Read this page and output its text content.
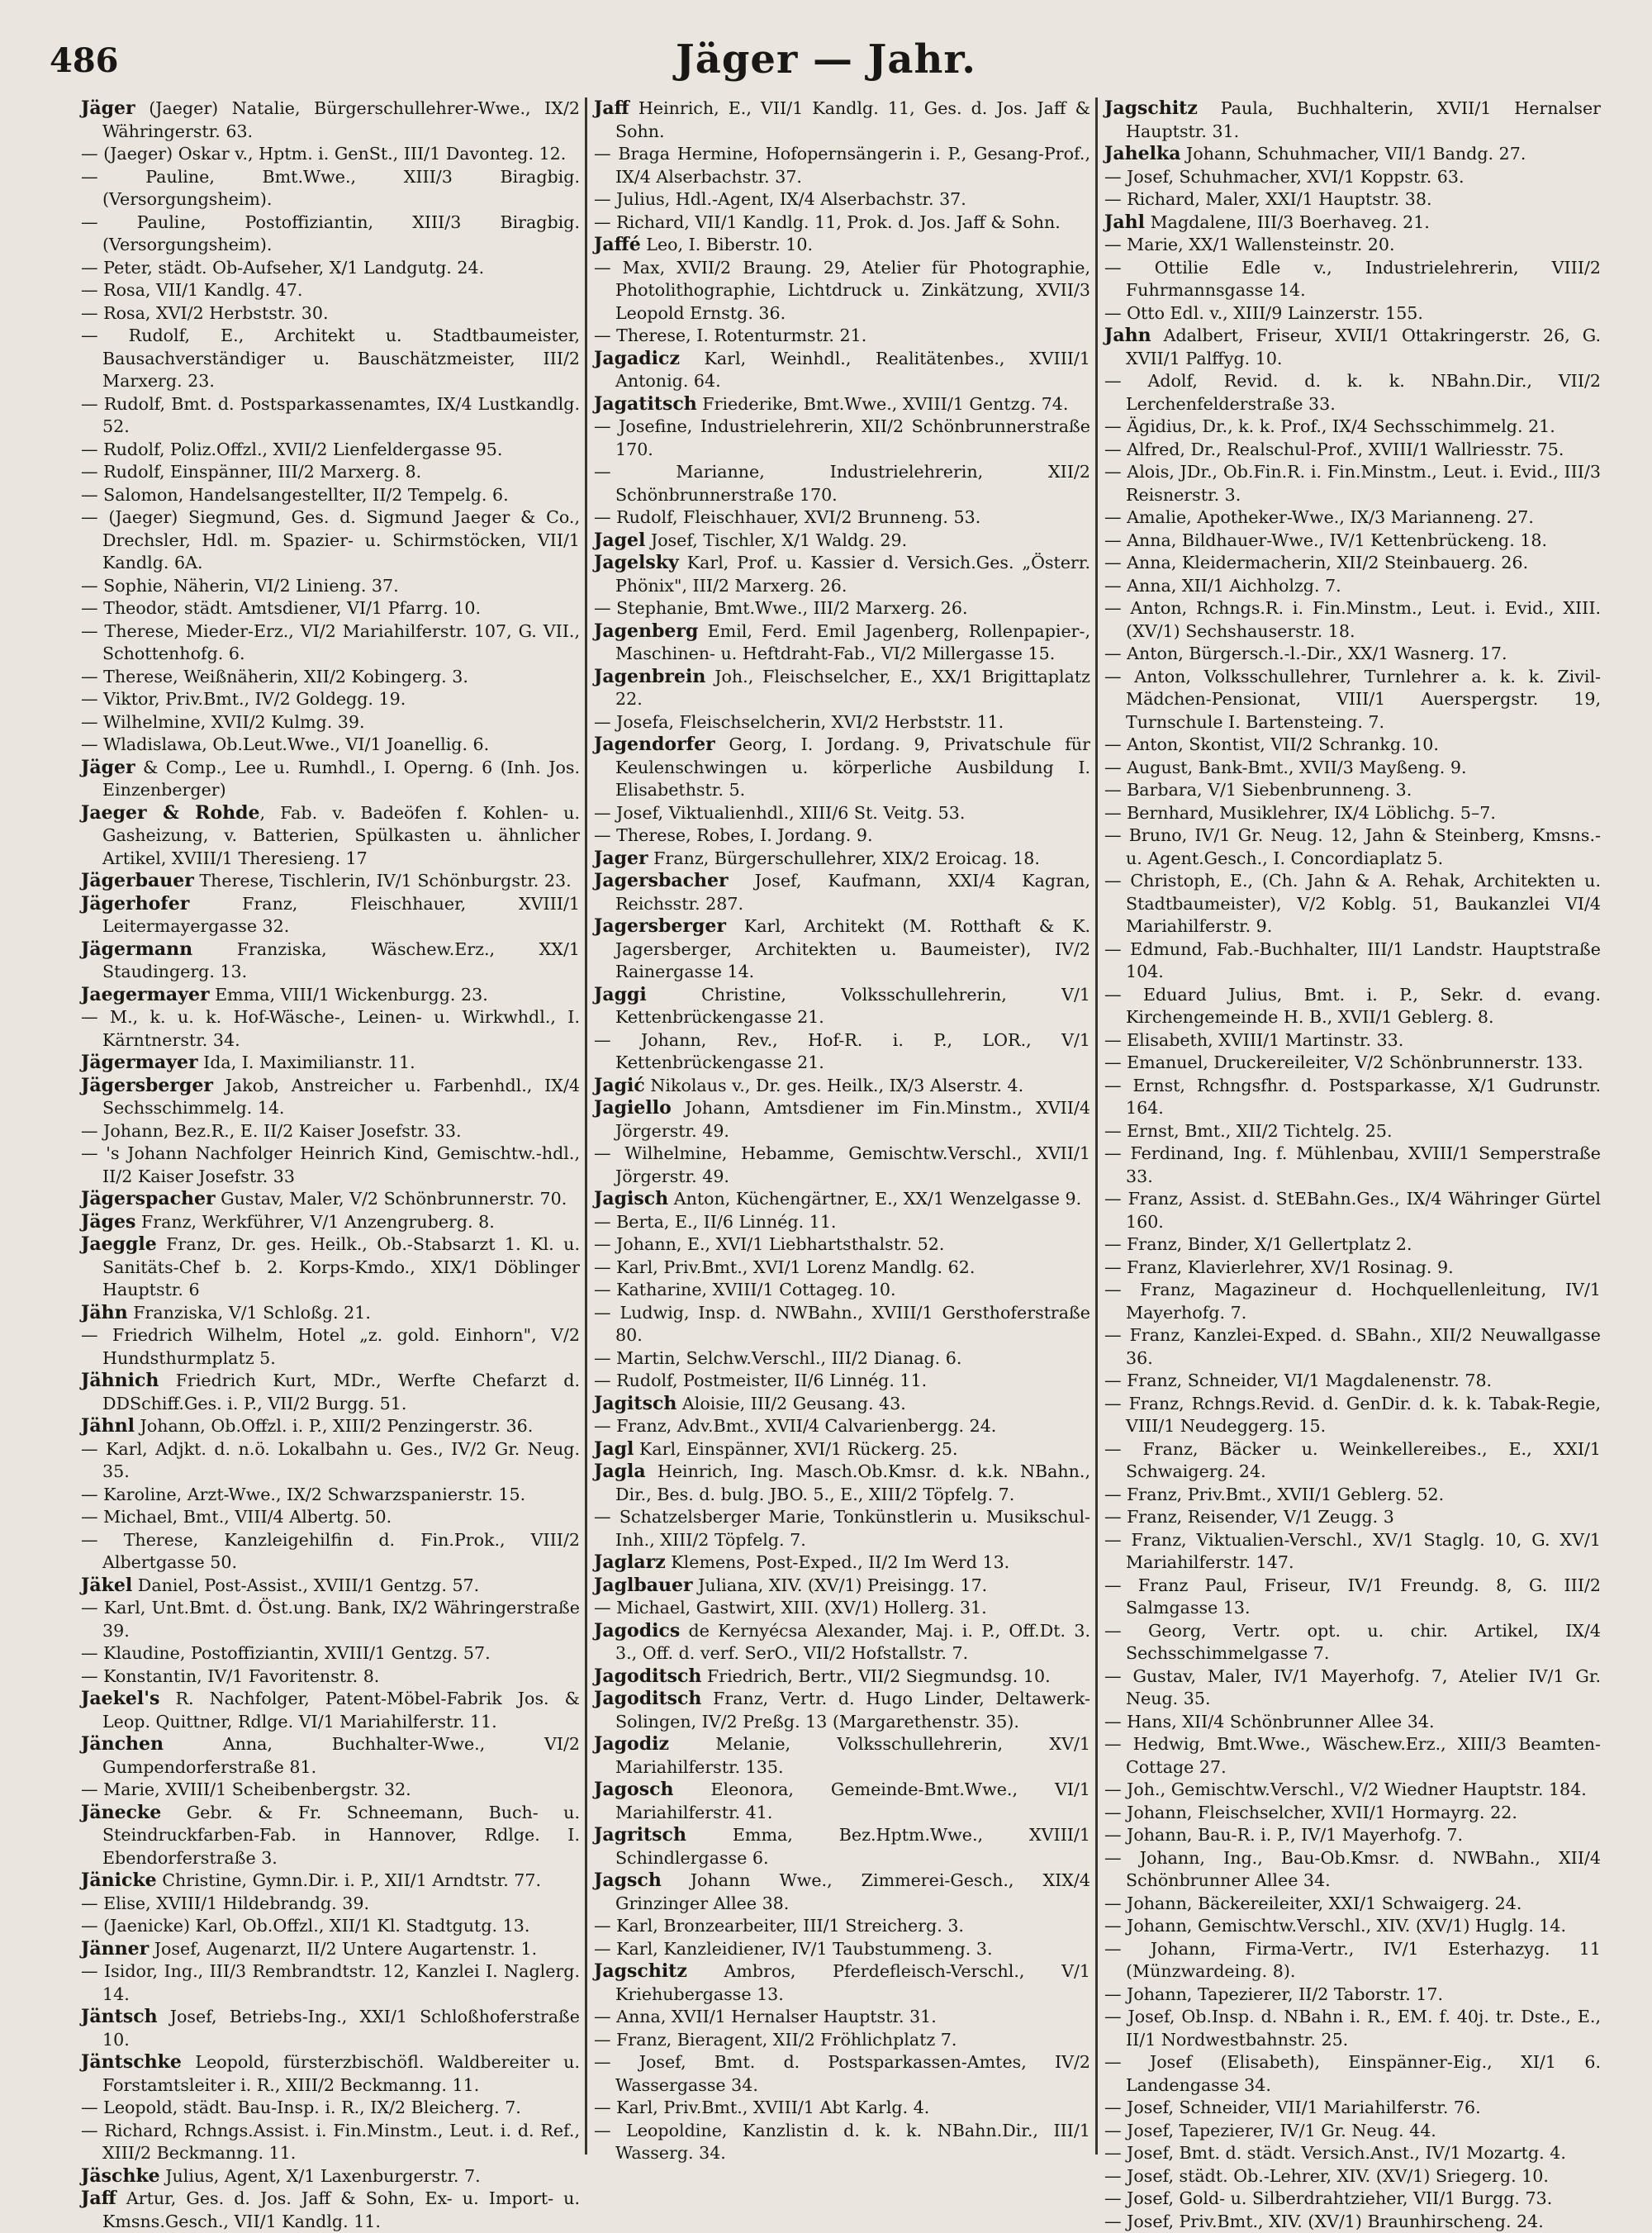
486	Jäger — Jahr.
Jäger (Jaeger) Natalie, Bürgerschullehrer-Wwe., IX/2 Währingerstr. 63.
— (Jaeger) Oskar v., Hptm. i. GenSt., III/1 Davonteg. 12.
— Pauline, Bmt.Wwe., XIII/3 Biragbig. (Versorgungsheim).
— Pauline, Postoffiziantin, XIII/3 Biragbig. (Versorgungsheim).
— Peter, städt. Ob-Aufseher, X/1 Landgutg. 24.
— Rosa, VII/1 Kandlg. 47.
— Rosa, XVI/2 Herbststr. 30.
— Rudolf, E., Architekt u. Stadtbaumeister, Bausachverständiger u. Bauschätzmeister, III/2 Marxerg. 23.
— Rudolf, Bmt. d. Postsparkassenamtes, IX/4 Lustkandlg. 52.
— Rudolf, Poliz.Offzl., XVII/2 Lienfeldergasse 95.
— Rudolf, Einspänner, III/2 Marxerg. 8.
— Salomon, Handelsangestellter, II/2 Tempelg. 6.
— (Jaeger) Siegmund, Ges. d. Sigmund Jaeger & Co., Drechsler, Hdl. m. Spazier- u. Schirmstöcken, VII/1 Kandlg. 6A.
— Sophie, Näherin, VI/2 Linieng. 37.
— Theodor, städt. Amtsdiener, VI/1 Pfarrg. 10.
— Therese, Mieder-Erz., VI/2 Mariahilferstr. 107, G. VII., Schottenhofg. 6.
— Therese, Weißnäherin, XII/2 Kobingerg. 3.
— Viktor, Priv.Bmt., IV/2 Goldegg. 19.
— Wilhelmine, XVII/2 Kulmg. 39.
— Wladislawa, Ob.Leut.Wwe., VI/1 Joanellig. 6.
Jäger & Comp., Lee u. Rumhdl., I. Operng. 6 (Inh. Jos. Einzenberger)
Jaeger & Rohde, Fab. v. Badeöfen f. Kohlen- u. Gasheizung, v. Batterien, Spülkasten u. ähnlicher Artikel, XVIII/1 Theresieng. 17
Jägerbauer Therese, Tischlerin, IV/1 Schönburgstr. 23.
Jägerhofer Franz, Fleischhauer, XVIII/1 Leitermayergasse 32.
Jägermann Franziska, Wäschew.Erz., XX/1 Staudingerg. 13.
Jaegermayer Emma, VIII/1 Wickenburgg. 23.
— M., k. u. k. Hof-Wäsche-, Leinen- u. Wirkwhdl., I. Kärntnerstr. 34.
Jägermayer Ida, I. Maximilianstr. 11.
Jägersberger Jakob, Anstreicher u. Farbenhdl., IX/4 Sechsschimmelg. 14.
— Johann, Bez.R., E. II/2 Kaiser Josefstr. 33.
— 's Johann Nachfolger Heinrich Kind, Gemischtw.-hdl., II/2 Kaiser Josefstr. 33
Jägerspacher Gustav, Maler, V/2 Schönbrunnerstr. 70.
Jäges Franz, Werkführer, V/1 Anzengruberg. 8.
Jaeggle Franz, Dr. ges. Heilk., Ob.-Stabsarzt 1. Kl. u. Sanitäts-Chef b. 2. Korps-Kmdo., XIX/1 Döblinger Hauptstr. 6
Jähn Franziska, V/1 Schloßg. 21.
— Friedrich Wilhelm, Hotel „z. gold. Einhorn", V/2 Hundsthurmplatz 5.
Jähnich Friedrich Kurt, MDr., Werfte Chefarzt d. DDSchiff.Ges. i. P., VII/2 Burgg. 51.
Jähnl Johann, Ob.Offzl. i. P., XIII/2 Penzingerstr. 36.
— Karl, Adjkt. d. n.ö. Lokalbahn u. Ges., IV/2 Gr. Neug. 35.
— Karoline, Arzt-Wwe., IX/2 Schwarzspanierstr. 15.
— Michael, Bmt., VIII/4 Albertg. 50.
— Therese, Kanzleigehilfin d. Fin.Prok., VIII/2 Albertgasse 50.
Jäkel Daniel, Post-Assist., XVIII/1 Gentzg. 57.
— Karl, Unt.Bmt. d. Öst.ung. Bank, IX/2 Währingerstraße 39.
— Klaudine, Postoffiziantin, XVIII/1 Gentzg. 57.
— Konstantin, IV/1 Favoritenstr. 8.
Jaekel's R. Nachfolger, Patent-Möbel-Fabrik Jos. & Leop. Quittner, Rdlge. VI/1 Mariahilferstr. 11.
Jänchen Anna, Buchhalter-Wwe., VI/2 Gumpendorferstraße 81.
— Marie, XVIII/1 Scheibenbergstr. 32.
Jänecke Gebr. & Fr. Schneemann, Buch- u. Steindruckfarben-Fab. in Hannover, Rdlge. I. Ebendorferstraße 3.
Jänicke Christine, Gymn.Dir. i. P., XII/1 Arndtstr. 77.
— Elise, XVIII/1 Hildebrandg. 39.
— (Jaenicke) Karl, Ob.Offzl., XII/1 Kl. Stadtgutg. 13.
Jänner Josef, Augenarzt, II/2 Untere Augartenstr. 1.
— Isidor, Ing., III/3 Rembrandtstr. 12, Kanzlei I. Naglerg. 14.
Jäntsch Josef, Betriebs-Ing., XXI/1 Schloßhoferstraße 10.
Jäntschke Leopold, fürsterzbischöfl. Waldbereiter u. Forstamtsleiter i. R., XIII/2 Beckmanng. 11.
— Leopold, städt. Bau-Insp. i. R., IX/2 Bleicherg. 7.
— Richard, Rchngs.Assist. i. Fin.Minstm., Leut. i. d. Ref., XIII/2 Beckmanng. 11.
Jäschke Julius, Agent, X/1 Laxenburgerstr. 7.
Jaff Artur, Ges. d. Jos. Jaff & Sohn, Ex- u. Import- u. Kmsns.Gesch., VII/1 Kandlg. 11.
Jaff Heinrich, E., VII/1 Kandlg. 11, Ges. d. Jos. Jaff & Sohn.
— Braga Hermine, Hofopernsängerin i. P., Gesang-Prof., IX/4 Alserbachstr. 37.
— Julius, Hdl.-Agent, IX/4 Alserbachstr. 37.
— Richard, VII/1 Kandlg. 11, Prok. d. Jos. Jaff & Sohn.
Jaffé Leo, I. Biberstr. 10.
— Max, XVII/2 Braung. 29, Atelier für Photographie, Photolithographie, Lichtdruck u. Zinkätzung, XVII/3 Leopold Ernstg. 36.
— Therese, I. Rotenturmstr. 21.
Jagadicz Karl, Weinhdl., Realitätenbes., XVIII/1 Antonig. 64.
Jagatitsch Friederike, Bmt.Wwe., XVIII/1 Gentzg. 74.
— Josefine, Industrielehrerin, XII/2 Schönbrunnerstraße 170.
— Marianne, Industrielehrerin, XII/2 Schönbrunnerstraße 170.
— Rudolf, Fleischhauer, XVI/2 Brunneng. 53.
Jagel Josef, Tischler, X/1 Waldg. 29.
Jagelsky Karl, Prof. u. Kassier d. Versich.Ges. „Österr. Phönix", III/2 Marxerg. 26.
— Stephanie, Bmt.Wwe., III/2 Marxerg. 26.
Jagenberg Emil, Ferd. Emil Jagenberg, Rollenpapier-, Maschinen- u. Heftdraht-Fab., VI/2 Millergasse 15.
Jagenbrein Joh., Fleischselcher, E., XX/1 Brigittaplatz 22.
— Josefa, Fleischselcherin, XVI/2 Herbststr. 11.
Jagendorfer Georg, I. Jordang. 9, Privatschule für Keulenschwingen u. körperliche Ausbildung I. Elisabethstr. 5.
— Josef, Viktualienhdl., XIII/6 St. Veitg. 53.
— Therese, Robes, I. Jordang. 9.
Jager Franz, Bürgerschullehrer, XIX/2 Eroicag. 18.
Jagersbacher Josef, Kaufmann, XXI/4 Kagran, Reichsstr. 287.
Jagersberger Karl, Architekt (M. Rotthaft & K. Jagersberger, Architekten u. Baumeister), IV/2 Rainergasse 14.
Jaggi Christine, Volksschullehrerin, V/1 Kettenbrückengasse 21.
— Johann, Rev., Hof-R. i. P., LOR., V/1 Kettenbrückengasse 21.
Jagić Nikolaus v., Dr. ges. Heilk., IX/3 Alserstr. 4.
Jagiello Johann, Amtsdiener im Fin.Minstm., XVII/4 Jörgerstr. 49.
— Wilhelmine, Hebamme, Gemischtw.Verschl., XVII/1 Jörgerstr. 49.
Jagisch Anton, Küchengärtner, E., XX/1 Wenzelgasse 9.
— Berta, E., II/6 Linnég. 11.
— Johann, E., XVI/1 Liebhartsthalstr. 52.
— Karl, Priv.Bmt., XVI/1 Lorenz Mandlg. 62.
— Katharine, XVIII/1 Cottageg. 10.
— Ludwig, Insp. d. NWBahn., XVIII/1 Gersthoferstraße 80.
— Martin, Selchw.Verschl., III/2 Dianag. 6.
— Rudolf, Postmeister, II/6 Linnég. 11.
Jagitsch Aloisie, III/2 Geusang. 43.
— Franz, Adv.Bmt., XVII/4 Calvarienbergg. 24.
Jagl Karl, Einspänner, XVI/1 Rückerg. 25.
Jagla Heinrich, Ing. Masch.Ob.Kmsr. d. k.k. NBahn., Dir., Bes. d. bulg. JBO. 5., E., XIII/2 Töpfelg. 7.
— Schatzelsberger Marie, Tonkünstlerin u. Musikschul-Inh., XIII/2 Töpfelg. 7.
Jaglarz Klemens, Post-Exped., II/2 Im Werd 13.
Jaglbauer Juliana, XIV. (XV/1) Preisingg. 17.
— Michael, Gastwirt, XIII. (XV/1) Hollerg. 31.
Jagodics de Kernyécsa Alexander, Maj. i. P., Off.Dt. 3. 3., Off. d. verf. SerO., VII/2 Hofstallstr. 7.
Jagoditsch Friedrich, Bertr., VII/2 Siegmundsg. 10.
Jagoditsch Franz, Vertr. d. Hugo Linder, Deltawerk-Solingen, IV/2 Preßg. 13 (Margarethenstr. 35).
Jagodiz Melanie, Volksschullehrerin, XV/1 Mariahilferstr. 135.
Jagosch Eleonora, Gemeinde-Bmt.Wwe., VI/1 Mariahilferstr. 41.
Jagritsch Emma, Bez.Hptm.Wwe., XVIII/1 Schindlergasse 6.
Jagsch Johann Wwe., Zimmerei-Gesch., XIX/4 Grinzinger Allee 38.
— Karl, Bronzearbeiter, III/1 Streicherg. 3.
— Karl, Kanzleidiener, IV/1 Taubstummeng. 3.
Jagschitz Ambros, Pferdefleisch-Verschl., V/1 Kriehubergasse 13.
— Anna, XVII/1 Hernalser Hauptstr. 31.
— Franz, Bieragent, XII/2 Fröhlichplatz 7.
— Josef, Bmt. d. Postsparkassen-Amtes, IV/2 Wassergasse 34.
— Karl, Priv.Bmt., XVIII/1 Abt Karlg. 4.
— Leopoldine, Kanzlistin d. k. k. NBahn.Dir., III/1 Wasserg. 34.
Jagschitz Paula, Buchhalterin, XVII/1 Hernalser Hauptstr. 31.
Jahelka Johann, Schuhmacher, VII/1 Bandg. 27.
— Josef, Schuhmacher, XVI/1 Koppstr. 63.
— Richard, Maler, XXI/1 Hauptstr. 38.
Jahl Magdalene, III/3 Boerhaveg. 21.
— Marie, XX/1 Wallensteinstr. 20.
— Ottilie Edle v., Industrielehrerin, VIII/2 Fuhrmannsgasse 14.
— Otto Edl. v., XIII/9 Lainzerstr. 155.
Jahn Adalbert, Friseur, XVII/1 Ottakringerstr. 26, G. XVII/1 Palffyg. 10.
— Adolf, Revid. d. k. k. NBahn.Dir., VII/2 Lerchenfelderstraße 33.
— Ägidius, Dr., k. k. Prof., IX/4 Sechsschimmelg. 21.
— Alfred, Dr., Realschul-Prof., XVIII/1 Wallriesstr. 75.
— Alois, JDr., Ob.Fin.R. i. Fin.Minstm., Leut. i. Evid., III/3 Reisnerstr. 3.
— Amalie, Apotheker-Wwe., IX/3 Marianneng. 27.
— Anna, Bildhauer-Wwe., IV/1 Kettenbrückeng. 18.
— Anna, Kleidermacherin, XII/2 Steinbauerg. 26.
— Anna, XII/1 Aichholzg. 7.
— Anton, Rchngs.R. i. Fin.Minstm., Leut. i. Evid., XIII. (XV/1) Sechshauserstr. 18.
— Anton, Bürgersch.-l.-Dir., XX/1 Wasnerg. 17.
— Anton, Volksschullehrer, Turnlehrer a. k. k. Zivil-Mädchen-Pensionat, VIII/1 Auerspergstr. 19, Turnschule I. Bartensteing. 7.
— Anton, Skontist, VII/2 Schrankg. 10.
— August, Bank-Bmt., XVII/3 Mayßeng. 9.
— Barbara, V/1 Siebenbrunneng. 3.
— Bernhard, Musiklehrer, IX/4 Löblichg. 5–7.
— Bruno, IV/1 Gr. Neug. 12, Jahn & Steinberg, Kmsns.- u. Agent.Gesch., I. Concordiaplatz 5.
— Christoph, E., (Ch. Jahn & A. Rehak, Architekten u. Stadtbaumeister), V/2 Koblg. 51, Baukanzlei VI/4 Mariahilferstr. 9.
— Edmund, Fab.-Buchhalter, III/1 Landstr. Hauptstraße 104.
— Eduard Julius, Bmt. i. P., Sekr. d. evang. Kirchengemeinde H. B., XVII/1 Geblerg. 8.
— Elisabeth, XVIII/1 Martinstr. 33.
— Emanuel, Druckereileiter, V/2 Schönbrunnerstr. 133.
— Ernst, Rchngsfhr. d. Postsparkasse, X/1 Gudrunstr. 164.
— Ernst, Bmt., XII/2 Tichtelg. 25.
— Ferdinand, Ing. f. Mühlenbau, XVIII/1 Semperstraße 33.
— Franz, Assist. d. StEBahn.Ges., IX/4 Währinger Gürtel 160.
— Franz, Binder, X/1 Gellertplatz 2.
— Franz, Klavierlehrer, XV/1 Rosinag. 9.
— Franz, Magazineur d. Hochquellenleitung, IV/1 Mayerhofg. 7.
— Franz, Kanzlei-Exped. d. SBahn., XII/2 Neuwallgasse 36.
— Franz, Schneider, VI/1 Magdalenenstr. 78.
— Franz, Rchngs.Revid. d. GenDir. d. k. k. Tabak-Regie, VIII/1 Neudeggerg. 15.
— Franz, Bäcker u. Weinkellereibes., E., XXI/1 Schwaigerg. 24.
— Franz, Priv.Bmt., XVII/1 Geblerg. 52.
— Franz, Reisender, V/1 Zeugg. 3
— Franz, Viktualien-Verschl., XV/1 Staglg. 10, G. XV/1 Mariahilferstr. 147.
— Franz Paul, Friseur, IV/1 Freundg. 8, G. III/2 Salmgasse 13.
— Georg, Vertr. opt. u. chir. Artikel, IX/4 Sechsschimmelgasse 7.
— Gustav, Maler, IV/1 Mayerhofg. 7, Atelier IV/1 Gr. Neug. 35.
— Hans, XII/4 Schönbrunner Allee 34.
— Hedwig, Bmt.Wwe., Wäschew.Erz., XIII/3 Beamten-Cottage 27.
— Joh., Gemischtw.Verschl., V/2 Wiedner Hauptstr. 184.
— Johann, Fleischselcher, XVII/1 Hormayrg. 22.
— Johann, Bau-R. i. P., IV/1 Mayerhofg. 7.
— Johann, Ing., Bau-Ob.Kmsr. d. NWBahn., XII/4 Schönbrunner Allee 34.
— Johann, Bäckereileiter, XXI/1 Schwaigerg. 24.
— Johann, Gemischtw.Verschl., XIV. (XV/1) Huglg. 14.
— Johann, Firma-Vertr., IV/1 Esterhazyg. 11 (Münzwardeing. 8).
— Johann, Tapezierer, II/2 Taborstr. 17.
— Josef, Ob.Insp. d. NBahn i. R., EM. f. 40j. tr. Dste., E., II/1 Nordwestbahnstr. 25.
— Josef (Elisabeth), Einspänner-Eig., XI/1 6. Landengasse 34.
— Josef, Schneider, VII/1 Mariahilferstr. 76.
— Josef, Tapezierer, IV/1 Gr. Neug. 44.
— Josef, Bmt. d. städt. Versich.Anst., IV/1 Mozartg. 4.
— Josef, städt. Ob.-Lehrer, XIV. (XV/1) Sriegerg. 10.
— Josef, Gold- u. Silberdrahtzieher, VII/1 Burgg. 73.
— Josef, Priv.Bmt., XIV. (XV/1) Braunhirscheng. 24.
